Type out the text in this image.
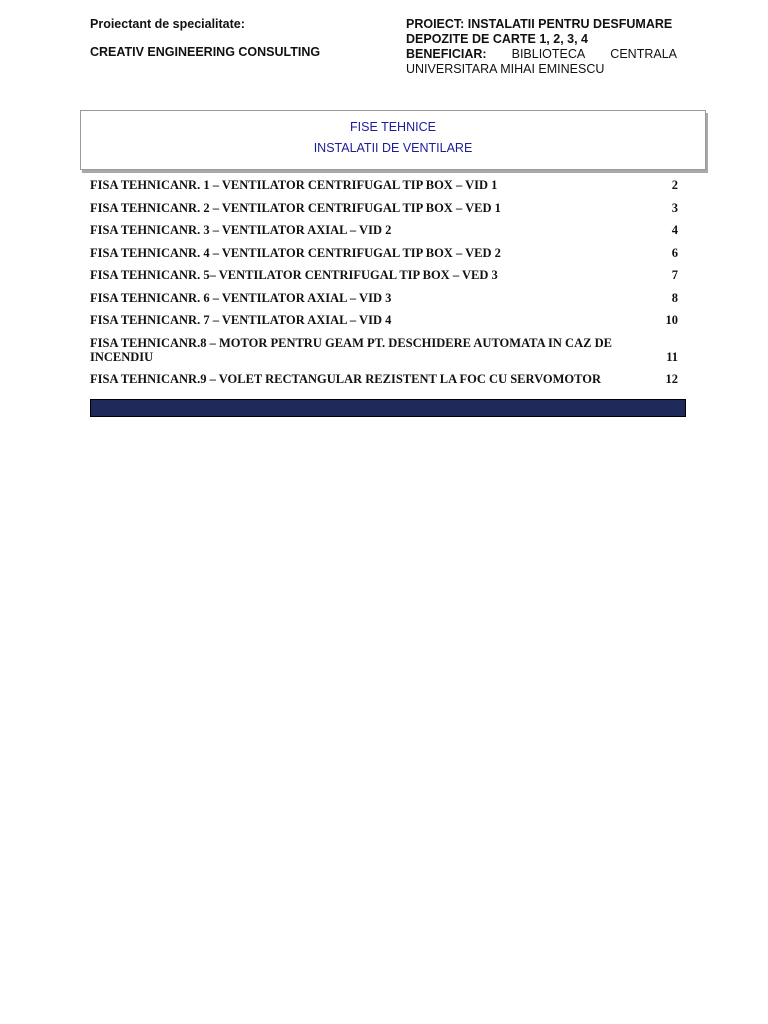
Proiectant de specialitate:
CREATIV ENGINEERING CONSULTING
PROIECT: INSTALATII PENTRU DESFUMARE
DEPOZITE DE CARTE 1, 2, 3, 4
BENEFICIAR: BIBLIOTECA CENTRALA
UNIVERSITARA MIHAI EMINESCU
FISE TEHNICE
INSTALATII DE VENTILARE
FISA TEHNICANR. 1 – VENTILATOR CENTRIFUGAL TIP BOX – VID 1	2
FISA TEHNICANR. 2 – VENTILATOR CENTRIFUGAL TIP BOX – VED 1	3
FISA TEHNICANR. 3 – VENTILATOR AXIAL – VID 2	4
FISA TEHNICANR. 4 – VENTILATOR CENTRIFUGAL TIP BOX – VED 2	6
FISA TEHNICANR. 5– VENTILATOR CENTRIFUGAL TIP BOX – VED 3	7
FISA TEHNICANR. 6 – VENTILATOR AXIAL – VID 3	8
FISA TEHNICANR. 7 – VENTILATOR AXIAL – VID 4	10
FISA TEHNICANR.8 – MOTOR PENTRU GEAM PT. DESCHIDERE AUTOMATA IN CAZ DE INCENDIU	11
FISA TEHNICANR.9 – VOLET RECTANGULAR REZISTENT LA FOC CU SERVOMOTOR	12
